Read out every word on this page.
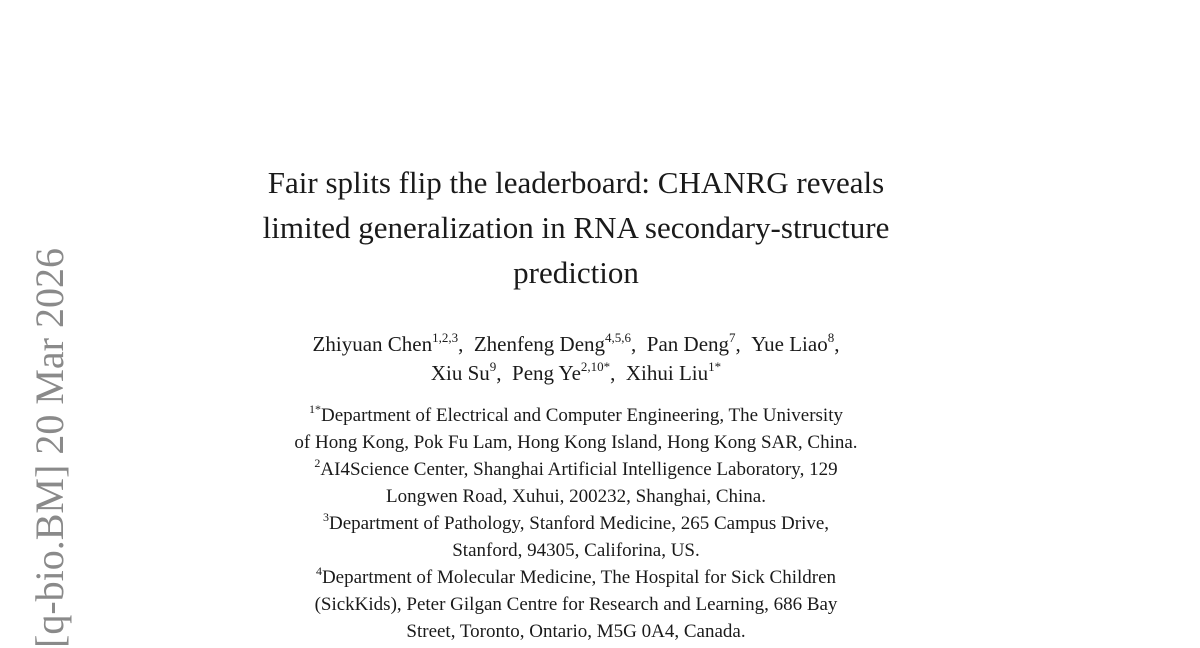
[q-bio.BM] 20 Mar 2026
Fair splits flip the leaderboard: CHANRG reveals
limited generalization in RNA secondary-structure
prediction
Zhiyuan Chen$^{1,2,3}$ ,  Zhenfeng Deng$^{4,5,6}$ ,  Pan Deng$^7$ ,  Yue Liao$^8$ ,
Xiu Su$^9$ ,  Peng $Ye^{2,10*}$ ,  Xihui Liu$^{1*}$
$^{1*}$Department of Electrical and Computer Engineering, The University
of Hong Kong, Pok Fu Lam, Hong Kong Island, Hong Kong SAR, China.
$^2$AI4Science Center, Shanghai Artificial Intelligence Laboratory, 129
Longwen Road, Xuhui, 200232, Shanghai, China.
$^3$Department of Pathology, Stanford Medicine, 265 Campus Drive,
Stanford, 94305, Califorina, US.
$^4$Department of Molecular Medicine, The Hospital for Sick Children
(SickKids), Peter Gilgan Centre for Research and Learning, 686 Bay
Street, Toronto, Ontario, M5G 0A4, Canada.
